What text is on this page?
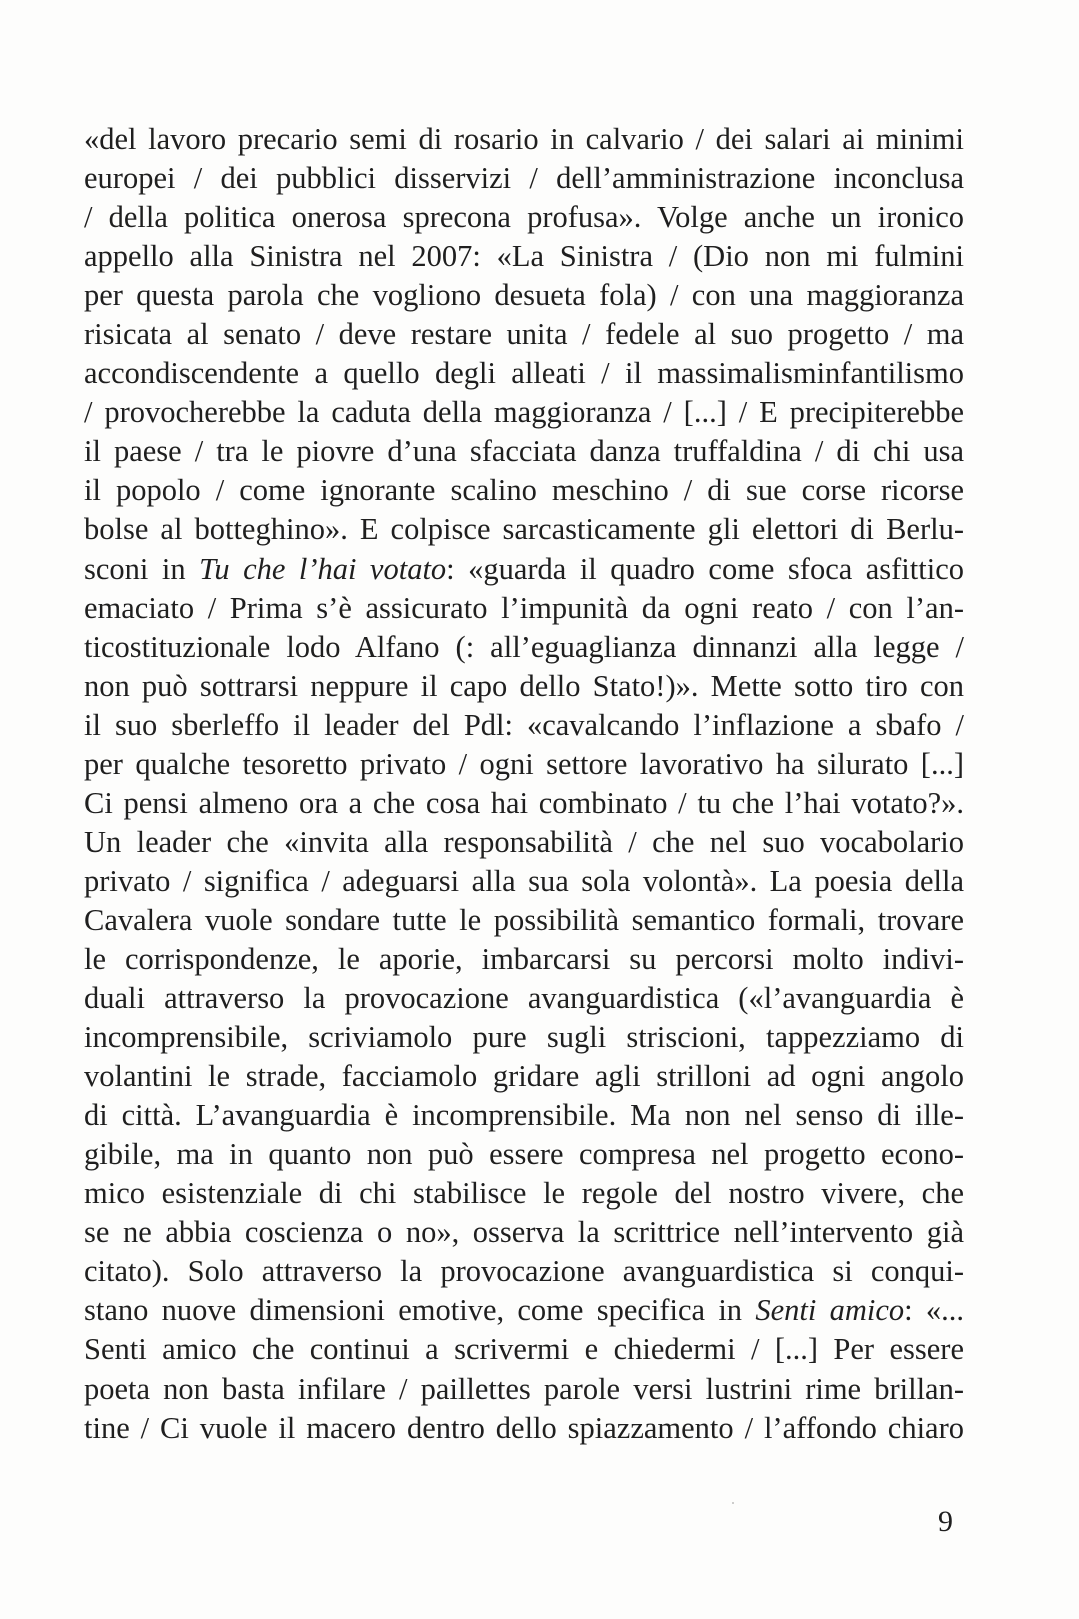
«del lavoro precario semi di rosario in calvario / dei salari ai minimi
europei / dei pubblici disservizi / dell’amministrazione inconclusa
/ della politica onerosa sprecona profusa». Volge anche un ironico
appello alla Sinistra nel 2007: «La Sinistra / (Dio non mi fulmini
per questa parola che vogliono desueta fola) / con una maggioranza
risicata al senato / deve restare unita / fedele al suo progetto / ma
accondiscendente a quello degli alleati / il massimalisminfantilismo
/ provocherebbe la caduta della maggioranza / [...] / E precipiterebbe
il paese / tra le piovre d’una sfacciata danza truffaldina / di chi usa
il popolo / come ignorante scalino meschino / di sue corse ricorse
bolse al botteghino». E colpisce sarcasticamente gli elettori di Berlu-
sconi in Tu che l’hai votato: «guarda il quadro come sfoca asfittico
emaciato / Prima s’è assicurato l’impunità da ogni reato / con l’an-
ticostituzionale lodo Alfano (: all’eguaglianza dinnanzi alla legge /
non può sottrarsi neppure il capo dello Stato!)». Mette sotto tiro con
il suo sberleffo il leader del Pdl: «cavalcando l’inflazione a sbafo /
per qualche tesoretto privato / ogni settore lavorativo ha silurato [...]
Ci pensi almeno ora a che cosa hai combinato / tu che l’hai votato?».
Un leader che «invita alla responsabilità / che nel suo vocabolario
privato / significa / adeguarsi alla sua sola volontà». La poesia della
Cavalera vuole sondare tutte le possibilità semantico formali, trovare
le corrispondenze, le aporie, imbarcarsi su percorsi molto indivi-
duali attraverso la provocazione avanguardistica («l’avanguardia è
incomprensibile, scriviamolo pure sugli striscioni, tappezziamo di
volantini le strade, facciamolo gridare agli strilloni ad ogni angolo
di città. L’avanguardia è incomprensibile. Ma non nel senso di ille-
gibile, ma in quanto non può essere compresa nel progetto econo-
mico esistenziale di chi stabilisce le regole del nostro vivere, che
se ne abbia coscienza o no», osserva la scrittrice nell’intervento già
citato). Solo attraverso la provocazione avanguardistica si conqui-
stano nuove dimensioni emotive, come specifica in Senti amico: «...
Senti amico che continui a scrivermi e chiedermi / [...] Per essere
poeta non basta infilare / paillettes parole versi lustrini rime brillan-
tine / Ci vuole il macero dentro dello spiazzamento / l’affondo chiaro
9
